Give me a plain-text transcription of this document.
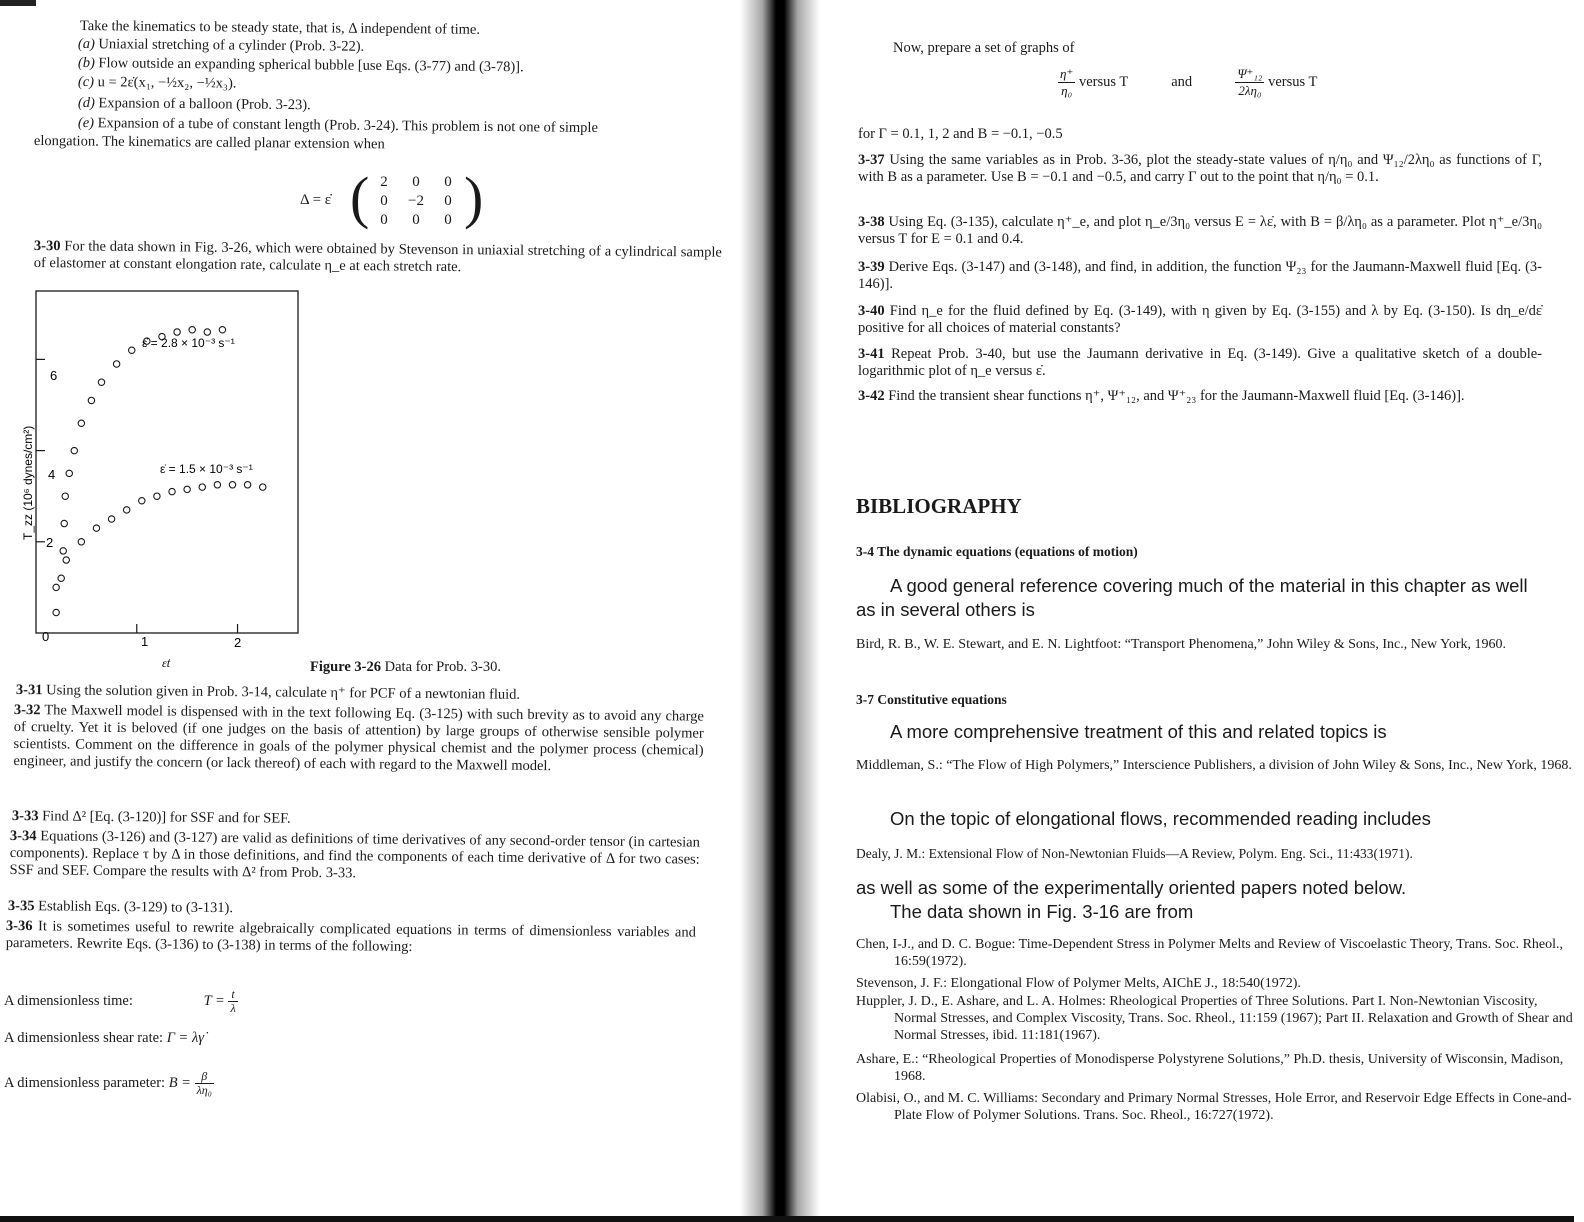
Take the kinematics to be steady state, that is, Δ independent of time.
(a) Uniaxial stretching of a cylinder (Prob. 3-22).
(b) Flow outside an expanding spherical bubble [use Eqs. (3-77) and (3-78)].
(c) u = 2ε̇(x₁, −½x₂, −½x₃).
(d) Expansion of a balloon (Prob. 3-23).
(e) Expansion of a tube of constant length (Prob. 3-24). This problem is not one of simple
elongation. The kinematics are called planar extension when
Δ = ε̇ ( 2	0	0
0	−2	0
0	0	0 )
3-30 For the data shown in Fig. 3-26, which were obtained by Stevenson in uniaxial stretching of a cylindrical sample of elastomer at constant elongation rate, calculate η_e at each stretch rate.
0	1	2
2
4
6
ε̇ = 2.8 × 10⁻³ s⁻¹
ε̇ = 1.5 × 10⁻³ s⁻¹
ε̇t
T_zz (10⁶ dynes/cm²)
Figure 3-26 Data for Prob. 3-30.
3-31 Using the solution given in Prob. 3-14, calculate η⁺ for PCF of a newtonian fluid.
3-32 The Maxwell model is dispensed with in the text following Eq. (3-125) with such brevity as to avoid any charge of cruelty. Yet it is beloved (if one judges on the basis of attention) by large groups of otherwise sensible polymer scientists. Comment on the difference in goals of the polymer physical chemist and the polymer process (chemical) engineer, and justify the concern (or lack thereof) of each with regard to the Maxwell model.
3-33 Find Δ² [Eq. (3-120)] for SSF and for SEF.
3-34 Equations (3-126) and (3-127) are valid as definitions of time derivatives of any second-order tensor (in cartesian components). Replace τ by Δ in those definitions, and find the components of each time derivative of Δ for two cases: SSF and SEF. Compare the results with Δ² from Prob. 3-33.
3-35 Establish Eqs. (3-129) to (3-131).
3-36 It is sometimes useful to rewrite algebraically complicated equations in terms of dimensionless variables and parameters. Rewrite Eqs. (3-136) to (3-138) in terms of the following:
A dimensionless time:	$T = \frac{t}{\lambda}$
A dimensionless shear rate: Γ = λγ̇
A dimensionless parameter: $B = \frac{\beta}{\text{λη₀}}$
Now, prepare a set of graphs of
$\frac{\eta^+}{\text{η₀}}$ versus T	and	$\frac{\text{Ψ⁺₁₂}}{\text{2λη₀}}$ versus T
for Γ = 0.1, 1, 2 and B = −0.1, −0.5
3-37 Using the same variables as in Prob. 3-36, plot the steady-state values of η/η₀ and Ψ₁₂/2λη₀ as functions of Γ, with B as a parameter. Use B = −0.1 and −0.5, and carry Γ out to the point that η/η₀ = 0.1.
3-38 Using Eq. (3-135), calculate η⁺_e, and plot η_e/3η₀ versus E = λε̇, with B = β/λη₀ as a parameter. Plot η⁺_e/3η₀ versus T for E = 0.1 and 0.4.
3-39 Derive Eqs. (3-147) and (3-148), and find, in addition, the function Ψ₂₃ for the Jaumann-Maxwell fluid [Eq. (3-146)].
3-40 Find η_e for the fluid defined by Eq. (3-149), with η given by Eq. (3-155) and λ by Eq. (3-150). Is dη_e/dε̇ positive for all choices of material constants?
3-41 Repeat Prob. 3-40, but use the Jaumann derivative in Eq. (3-149). Give a qualitative sketch of a double-logarithmic plot of η_e versus ε̇.
3-42 Find the transient shear functions η⁺, Ψ⁺₁₂, and Ψ⁺₂₃ for the Jaumann-Maxwell fluid [Eq. (3-146)].
BIBLIOGRAPHY
3-4 The dynamic equations (equations of motion)
A good general reference covering much of the material in this chapter as well as in several others is
Bird, R. B., W. E. Stewart, and E. N. Lightfoot: “Transport Phenomena,” John Wiley & Sons, Inc., New York, 1960.
3-7 Constitutive equations
A more comprehensive treatment of this and related topics is
Middleman, S.: “The Flow of High Polymers,” Interscience Publishers, a division of John Wiley & Sons, Inc., New York, 1968.
On the topic of elongational flows, recommended reading includes
Dealy, J. M.: Extensional Flow of Non-Newtonian Fluids—A Review, Polym. Eng. Sci., 11:433(1971).
as well as some of the experimentally oriented papers noted below.
The data shown in Fig. 3-16 are from
Chen, I-J., and D. C. Bogue: Time-Dependent Stress in Polymer Melts and Review of Viscoelastic Theory, Trans. Soc. Rheol., 16:59(1972).
Stevenson, J. F.: Elongational Flow of Polymer Melts, AIChE J., 18:540(1972).
Huppler, J. D., E. Ashare, and L. A. Holmes: Rheological Properties of Three Solutions. Part I. Non-Newtonian Viscosity, Normal Stresses, and Complex Viscosity, Trans. Soc. Rheol., 11:159 (1967); Part II. Relaxation and Growth of Shear and Normal Stresses, ibid. 11:181(1967).
Ashare, E.: “Rheological Properties of Monodisperse Polystyrene Solutions,” Ph.D. thesis, University of Wisconsin, Madison, 1968.
Olabisi, O., and M. C. Williams: Secondary and Primary Normal Stresses, Hole Error, and Reservoir Edge Effects in Cone-and-Plate Flow of Polymer Solutions. Trans. Soc. Rheol., 16:727(1972).
